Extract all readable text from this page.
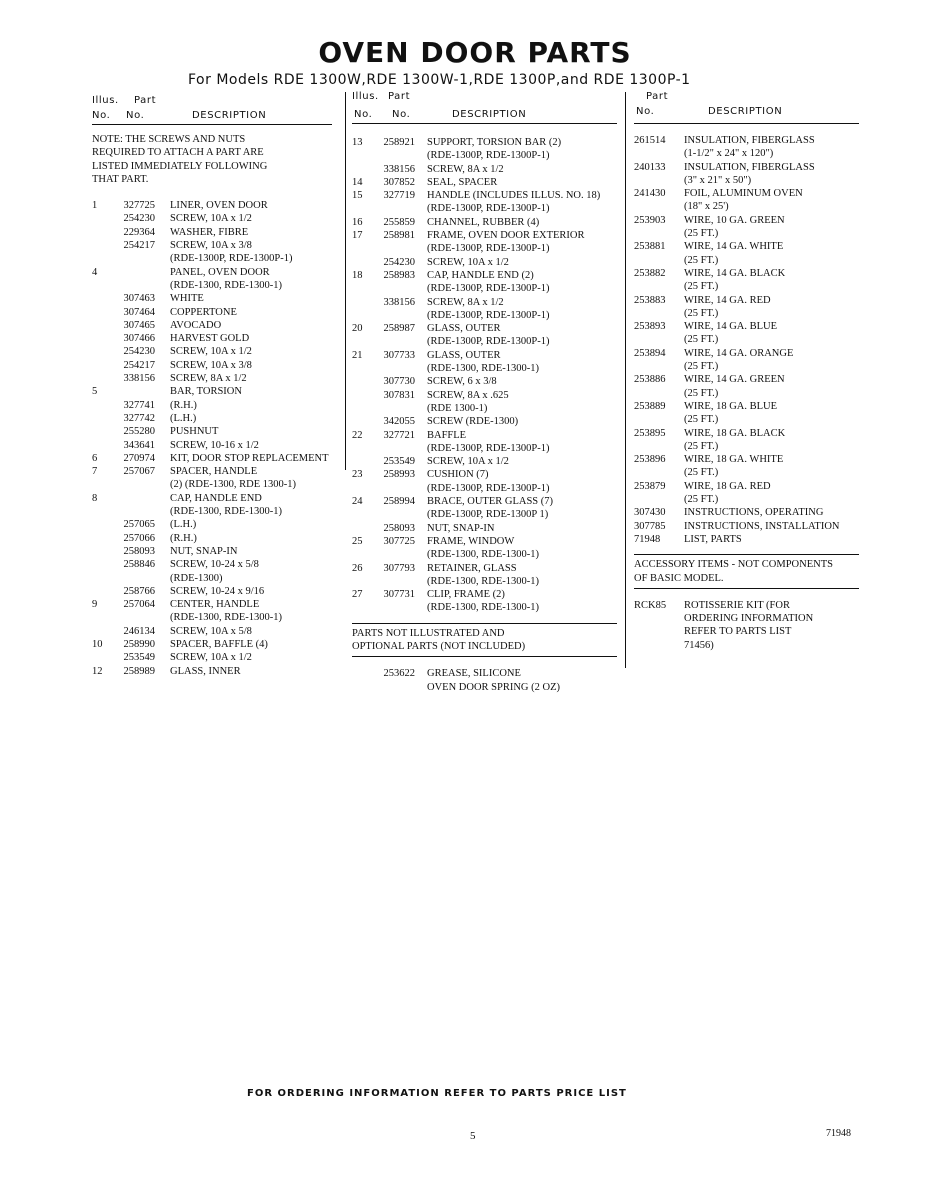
OVEN DOOR PARTS
For Models RDE 1300W,RDE 1300W-1,RDE 1300P,and RDE 1300P-1
Illus. Part
No. No.	DESCRIPTION
NOTE: THE SCREWS AND NUTS
REQUIRED TO ATTACH A PART ARE
LISTED IMMEDIATELY FOLLOWING
THAT PART.
1	327725 LINER, OVEN DOOR
254230 SCREW, 10A x 1/2
229364 WASHER, FIBRE
254217 SCREW, 10A x 3/8
(RDE-1300P, RDE-1300P-1)
4	PANEL, OVEN DOOR
(RDE-1300, RDE-1300-1)
307463 WHITE
307464 COPPERTONE
307465 AVOCADO
307466 HARVEST GOLD
254230 SCREW, 10A x 1/2
254217 SCREW, 10A x 3/8
338156 SCREW, 8A x 1/2
5	BAR, TORSION
327741 (R.H.)
327742 (L.H.)
255280 PUSHNUT
343641 SCREW, 10-16 x 1/2
6	270974 KIT, DOOR STOP REPLACEMENT
7	257067 SPACER, HANDLE
(2) (RDE-1300, RDE 1300-1)
8	CAP, HANDLE END
(RDE-1300, RDE-1300-1)
257065 (L.H.)
257066 (R.H.)
258093 NUT, SNAP-IN
258846 SCREW, 10-24 x 5/8
(RDE-1300)
258766 SCREW, 10-24 x 9/16
9	257064 CENTER, HANDLE
(RDE-1300, RDE-1300-1)
246134 SCREW, 10A x 5/8
10	258990 SPACER, BAFFLE (4)
253549 SCREW, 10A x 1/2
12	258989 GLASS, INNER
Illus. Part
No. No.	DESCRIPTION
13	258921 SUPPORT, TORSION BAR (2)
(RDE-1300P, RDE-1300P-1)
338156 SCREW, 8A x 1/2
14	307852 SEAL, SPACER
15	327719 HANDLE (INCLUDES ILLUS. NO. 18)
(RDE-1300P, RDE-1300P-1)
16	255859 CHANNEL, RUBBER (4)
17	258981 FRAME, OVEN DOOR EXTERIOR
(RDE-1300P, RDE-1300P-1)
254230 SCREW, 10A x 1/2
18	258983 CAP, HANDLE END (2)
(RDE-1300P, RDE-1300P-1)
338156 SCREW, 8A x 1/2
(RDE-1300P, RDE-1300P-1)
20	258987 GLASS, OUTER
(RDE-1300P, RDE-1300P-1)
21	307733 GLASS, OUTER
(RDE-1300, RDE-1300-1)
307730 SCREW, 6 x 3/8
307831 SCREW, 8A x .625
(RDE 1300-1)
342055 SCREW (RDE-1300)
22	327721 BAFFLE
(RDE-1300P, RDE-1300P-1)
253549 SCREW, 10A x 1/2
23	258993 CUSHION (7)
(RDE-1300P, RDE-1300P-1)
24	258994 BRACE, OUTER GLASS (7)
(RDE-1300P, RDE-1300P 1)
258093 NUT, SNAP-IN
25	307725 FRAME, WINDOW
(RDE-1300, RDE-1300-1)
26	307793 RETAINER, GLASS
(RDE-1300, RDE-1300-1)
27	307731 CLIP, FRAME (2)
(RDE-1300, RDE-1300-1)
PARTS NOT ILLUSTRATED AND
OPTIONAL PARTS (NOT INCLUDED)
253622 GREASE, SILICONE
OVEN DOOR SPRING (2 OZ)
Part
No.	DESCRIPTION
261514	INSULATION, FIBERGLASS
(1-1/2" x 24" x 120")
240133	INSULATION, FIBERGLASS
(3" x 21" x 50")
241430	FOIL, ALUMINUM OVEN
(18" x 25')
253903	WIRE, 10 GA. GREEN
(25 FT.)
253881	WIRE, 14 GA. WHITE
(25 FT.)
253882	WIRE, 14 GA. BLACK
(25 FT.)
253883	WIRE, 14 GA. RED
(25 FT.)
253893	WIRE, 14 GA. BLUE
(25 FT.)
253894	WIRE, 14 GA. ORANGE
(25 FT.)
253886	WIRE, 14 GA. GREEN
(25 FT.)
253889	WIRE, 18 GA. BLUE
(25 FT.)
253895	WIRE, 18 GA. BLACK
(25 FT.)
253896	WIRE, 18 GA. WHITE
(25 FT.)
253879	WIRE, 18 GA. RED
(25 FT.)
307430	INSTRUCTIONS, OPERATING
307785	INSTRUCTIONS, INSTALLATION
71948	LIST, PARTS
ACCESSORY ITEMS - NOT COMPONENTS
OF BASIC MODEL.
RCK85	ROTISSERIE KIT (FOR
ORDERING INFORMATION
REFER TO PARTS LIST
71456)
FOR ORDERING INFORMATION REFER TO PARTS PRICE LIST
5	71948
